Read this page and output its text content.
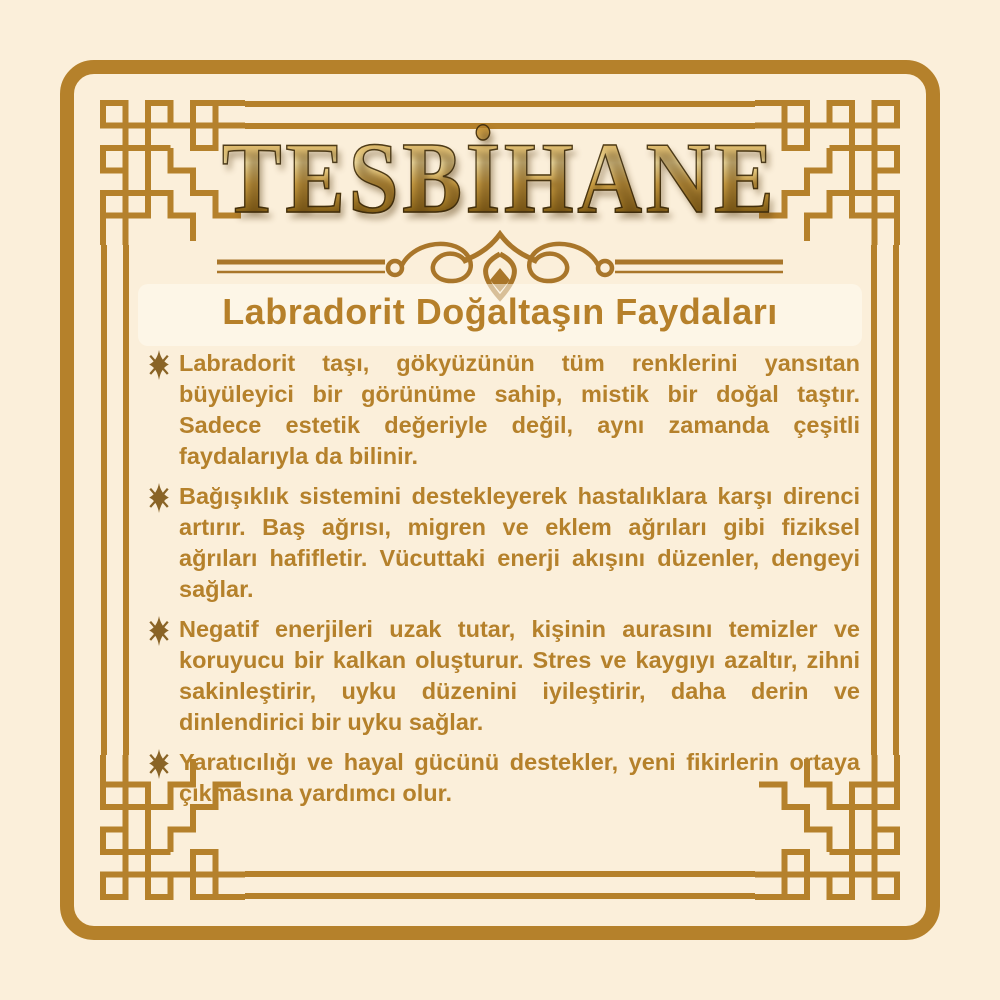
TESBİHANE
Labradorit Doğaltaşın Faydaları
Labradorit taşı, gökyüzünün tüm renklerini yansıtan büyüleyici bir görünüme sahip, mistik bir doğal taştır. Sadece estetik değeriyle değil, aynı zamanda çeşitli faydalarıyla da bilinir.
Bağışıklık sistemini destekleyerek hastalıklara karşı direnci artırır. Baş ağrısı, migren ve eklem ağrıları gibi fiziksel ağrıları hafifletir. Vücuttaki enerji akışını düzenler, dengeyi sağlar.
Negatif enerjileri uzak tutar, kişinin aurasını temizler ve koruyucu bir kalkan oluşturur. Stres ve kaygıyı azaltır, zihni sakinleştirir, uyku düzenini iyileştirir, daha derin ve dinlendirici bir uyku sağlar.
Yaratıcılığı ve hayal gücünü destekler, yeni fikirlerin ortaya çıkmasına yardımcı olur.
